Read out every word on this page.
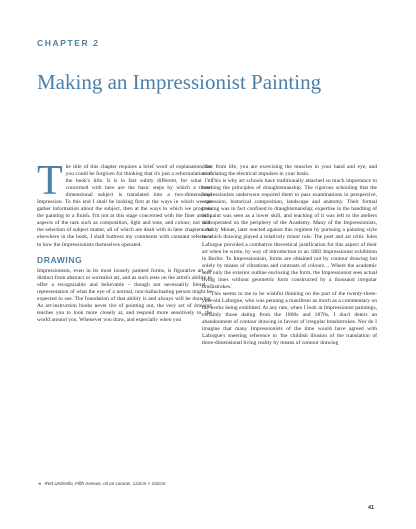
CHAPTER 2
Making an Impressionist Painting
T he title of this chapter requires a brief word of explanation, for you could be forgiven for thinking that it's just a reformulation of the book's title. It is in fact subtly different, for what I'm concerned with here are the basic steps by which a three-dimensional subject is translated into a two-dimensional Impression. To this end I shall be looking first at the ways in which we can gather information about the subject, then at the ways in which we progress the painting to a finish. I'm not at this stage concerned with the finer artistic aspects of the task such as composition, light and tone, and colour; nor with the selection of subject matter, all of which are dealt with in later chapters. As elsewhere in the book, I shall buttress my comments with constant reference to how the Impressionists themselves operated.

DRAWING

Impressionism, even in its most loosely painted forms, is figurative art, as distinct from abstract or surrealist art, and as such rests on the artist's ability to offer a recognizable and believable – though not necessarily literal – representation of what the eye of a normal, non-hallucinating person might be expected to see. The foundation of that ability is and always will be drawing. As art-instruction books never tire of pointing out, the very act of drawing teaches you to look more closely at, and respond more sensitively to, the world around you. Whenever you draw, and especially when you

draw from life, you are exercising the muscles in your hand and eye, and stimulating the electrical impulses in your brain.

This is why art schools have traditionally attached so much importance to teaching the principles of draughtsmanship. The rigorous schooling that the Impressionists underwent required them to pass examinations in perspective, expression, historical composition, landscape and anatomy. Their formal training was in fact confined to draughtsmanship; expertise in the handling of oil paint was seen as a lower skill, and teaching of it was left to the ateliers that operated on the periphery of the Academy. Many of the Impressionists, notably Monet, later reacted against this regimen by pursuing a painting style in which drawing played a relatively minor role. The poet and art critic Jules Laforgue provided a combative theoretical justification for this aspect of their art when he wrote, by way of introduction to an 1883 Impressionist exhibition in Berlin: 'In Impressionism, forms are obtained not by contour drawing but solely by means of vibrations and contrasts of colours… Where the academic sees only the exterior outline enclosing the form, the Impressionist sees actual living lines without geometric form constructed by a thousand irregular brushstrokes.'

This seems to me to be wishful thinking on the part of the twenty-three-year-old Laforgue, who was penning a manifesto as much as a commentary on the works being exhibited. At any rate, when I look at Impressionist paintings, certainly those dating from the 1860s and 1870s, I don't detect an abandonment of contour drawing in favour of irregular brushstrokes. Nor do I imagine that many Impressionists of the time would have agreed with Laforgue's sneering reference to 'the childish illusion of the translation of three-dimensional living reality by means of contour drawing

◄ Red Umbrella, Fifth Avenue, oil on canvas, 122cm × 102cm
41
